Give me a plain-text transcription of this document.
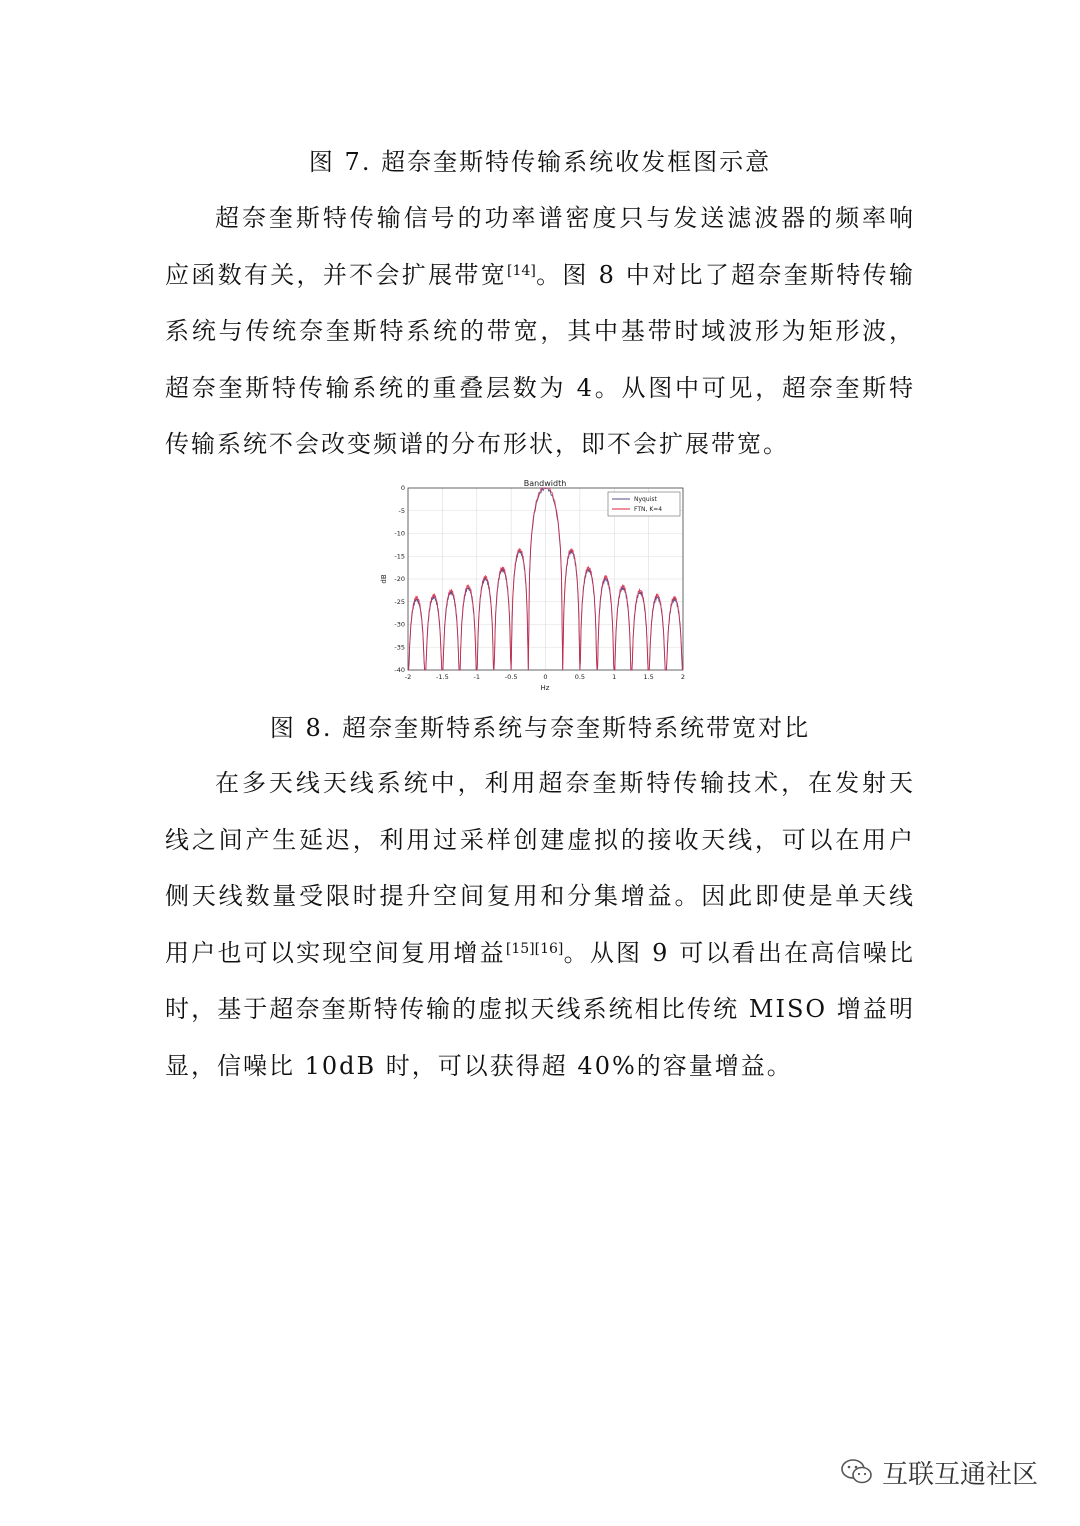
图 7. 超奈奎斯特传输系统收发框图示意

超奈奎斯特传输信号的功率谱密度只与发送滤波器的频率响应函数有关，并不会扩展带宽[14]。图 8 中对比了超奈奎斯特传输系统与传统奈奎斯特系统的带宽，其中基带时域波形为矩形波，超奈奎斯特传输系统的重叠层数为 4。从图中可见，超奈奎斯特传输系统不会改变频谱的分布形状，即不会扩展带宽。

0
-5
-10
-15
-20
-25
-30
-35
-40
-2	-1.5	-1	-0.5	0	0.5	1	1.5	2
Bandwidth
Hz
dB
Nyquist
FTN, K=4
图 8. 超奈奎斯特系统与奈奎斯特系统带宽对比

在多天线天线系统中，利用超奈奎斯特传输技术，在发射天线之间产生延迟，利用过采样创建虚拟的接收天线，可以在用户侧天线数量受限时提升空间复用和分集增益。因此即使是单天线用户也可以实现空间复用增益[15][16]。从图 9 可以看出在高信噪比时，基于超奈奎斯特传输的虚拟天线系统相比传统 MISO 增益明显，信噪比 10dB 时，可以获得超 40%的容量增益。

互联互通社区
